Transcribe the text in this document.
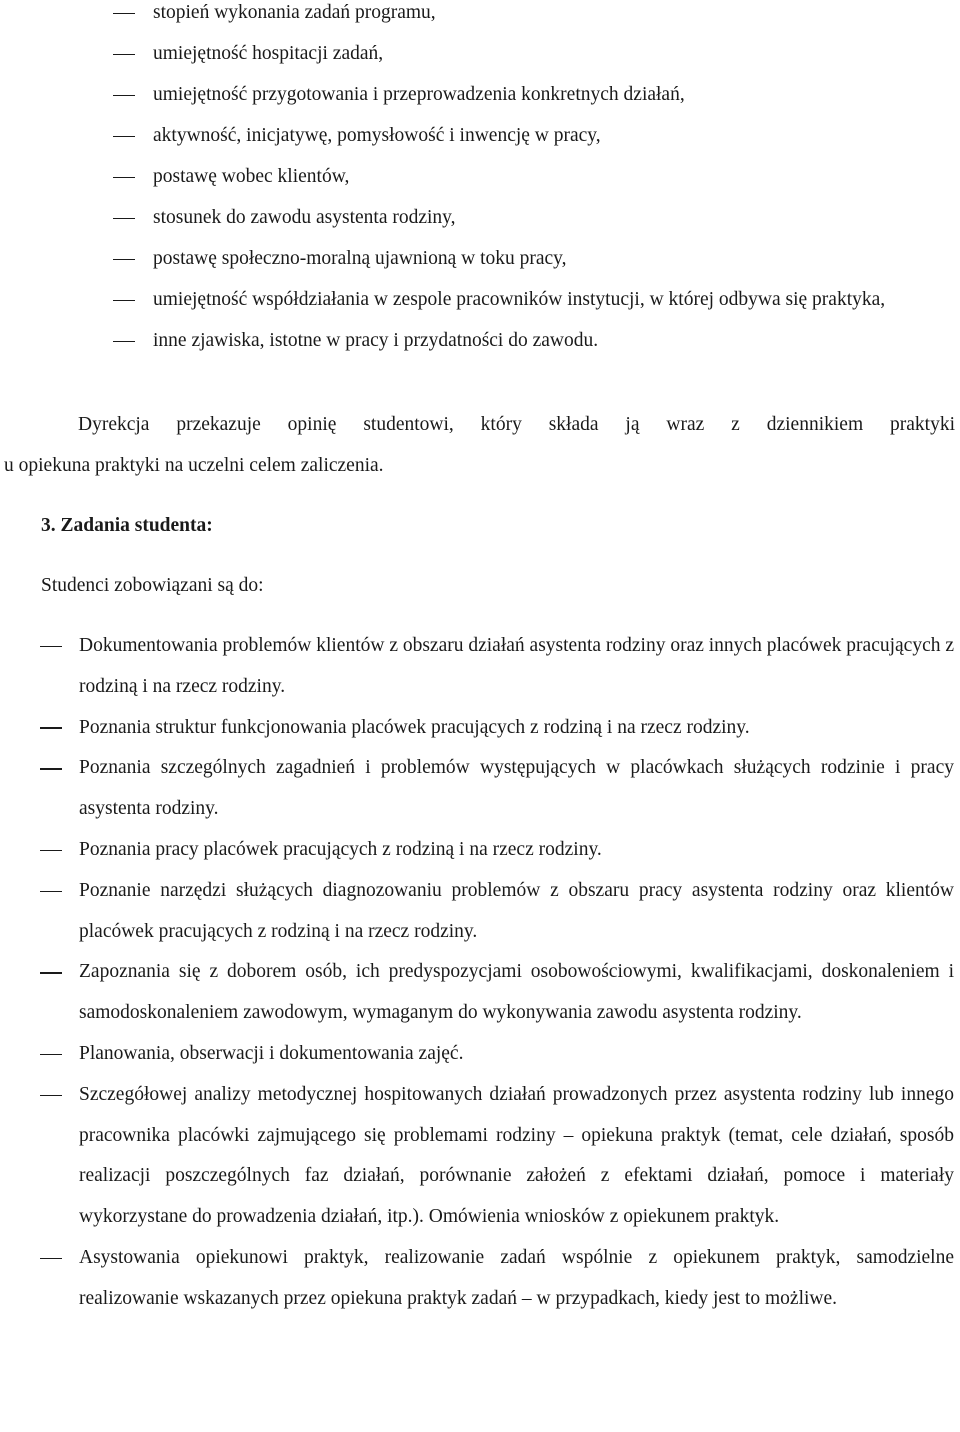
stopień wykonania zadań programu,
umiejętność hospitacji zadań,
umiejętność przygotowania i przeprowadzenia konkretnych działań,
aktywność, inicjatywę, pomysłowość i inwencję w pracy,
postawę wobec klientów,
stosunek do zawodu asystenta rodziny,
postawę społeczno-moralną ujawnioną w toku pracy,
umiejętność współdziałania w zespole pracowników instytucji, w której odbywa się praktyka,
inne zjawiska, istotne w pracy i przydatności do zawodu.

Dyrekcja przekazuje opinię studentowi, który składa ją wraz z dziennikiem praktyki
u opiekuna praktyki na uczelni celem zaliczenia.

3. Zadania studenta:

Studenci zobowiązani są do:

Dokumentowania problemów klientów z obszaru działań asystenta rodziny oraz innych placówek pracujących z rodziną i na rzecz rodziny.
Poznania struktur funkcjonowania placówek pracujących z rodziną i na rzecz rodziny.
Poznania szczególnych zagadnień i problemów występujących w placówkach służących rodzinie i pracy asystenta rodziny.
Poznania pracy placówek pracujących z rodziną i na rzecz rodziny.
Poznanie narzędzi służących diagnozowaniu problemów z obszaru pracy asystenta rodziny oraz klientów placówek pracujących z rodziną i na rzecz rodziny.
Zapoznania się z doborem osób, ich predyspozycjami osobowościowymi, kwalifikacjami, doskonaleniem i samodoskonaleniem zawodowym, wymaganym do wykonywania zawodu asystenta rodziny.
Planowania, obserwacji i dokumentowania zajęć.
Szczegółowej analizy metodycznej hospitowanych działań prowadzonych przez asystenta rodziny lub innego pracownika placówki zajmującego się problemami rodziny – opiekuna praktyk (temat, cele działań, sposób realizacji poszczególnych faz działań, porównanie założeń z efektami działań, pomoce i materiały wykorzystane do prowadzenia działań, itp.). Omówienia wniosków z opiekunem praktyk.
Asystowania opiekunowi praktyk, realizowanie zadań wspólnie z opiekunem praktyk, samodzielne realizowanie wskazanych przez opiekuna praktyk zadań – w przypadkach, kiedy jest to możliwe.
